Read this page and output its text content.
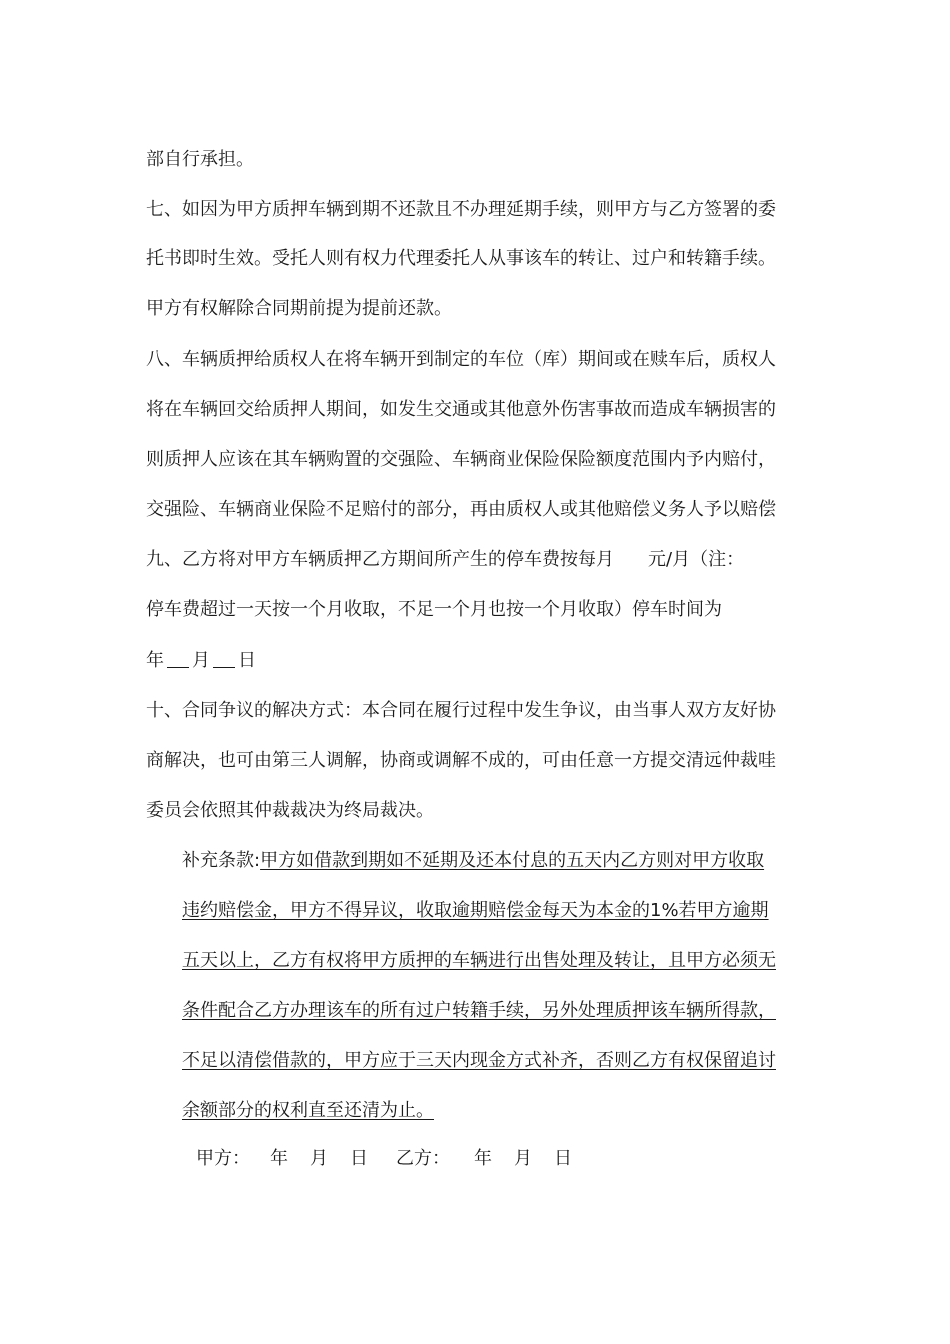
部自行承担。
七、如因为甲方质押车辆到期不还款且不办理延期手续，则甲方与乙方签署的委
托书即时生效。受托人则有权力代理委托人从事该车的转让、过户和转籍手续。
甲方有权解除合同期前提为提前还款。
八、车辆质押给质权人在将车辆开到制定的车位（库）期间或在赎车后，质权人
将在车辆回交给质押人期间，如发生交通或其他意外伤害事故而造成车辆损害的
则质押人应该在其车辆购置的交强险、车辆商业保险保险额度范围内予内赔付，
交强险、车辆商业保险不足赔付的部分，再由质权人或其他赔偿义务人予以赔偿
九、乙方将对甲方车辆质押乙方期间所产生的停车费按每月 元/月（注：
停车费超过一天按一个月收取，不足一个月也按一个月收取）停车时间为
年 月 日
十、合同争议的解决方式：本合同在履行过程中发生争议，由当事人双方友好协
商解决，也可由第三人调解，协商或调解不成的，可由任意一方提交清远仲裁哇
委员会依照其仲裁裁决为终局裁决。
补充条款:甲方如借款到期如不延期及还本付息的五天内乙方则对甲方收取
违约赔偿金，甲方不得异议，收取逾期赔偿金每天为本金的1%若甲方逾期
五天以上，乙方有权将甲方质押的车辆进行出售处理及转让，且甲方必须无
条件配合乙方办理该车的所有过户转籍手续，另外处理质押该车辆所得款，
不足以清偿借款的，甲方应于三天内现金方式补齐，否则乙方有权保留追讨
余额部分的权利直至还清为止。
甲方： 年 月 日 乙方： 年 月 日
